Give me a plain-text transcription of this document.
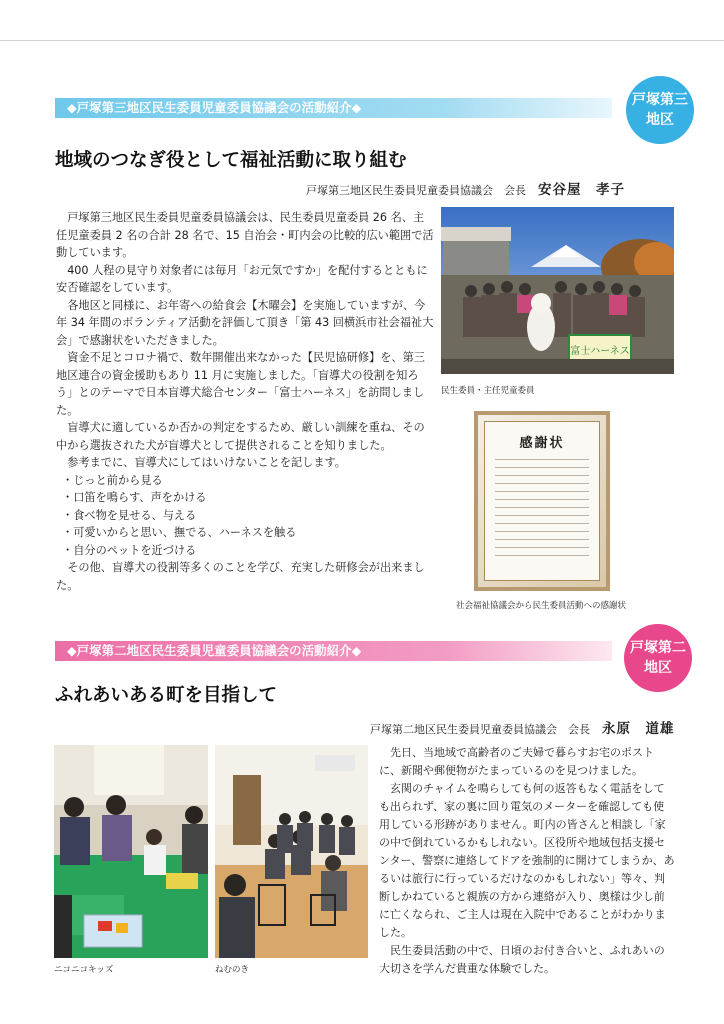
◆戸塚第三地区民生委員児童委員協議会の活動紹介◆	戸塚第三
地区
地域のつなぎ役として福祉活動に取り組む
戸塚第三地区民生委員児童委員協議会　会長 安谷屋　孝子

戸塚第三地区民生委員児童委員協議会は、民生委員児童委員 26 名、主任児童委員 2 名の合計 28 名で、15 自治会・町内会の比較的広い範囲で活動しています。

400 人程の見守り対象者には毎月「お元気ですか」を配付するとともに安否確認をしています。

各地区と同様に、お年寄への給食会【木曜会】を実施していますが、今年 34 年間のボランティア活動を評価して頂き「第 43 回横浜市社会福祉大会」で感謝状をいただきました。

資金不足とコロナ禍で、数年開催出来なかった【民児協研修】を、第三地区連合の資金援助もあり 11 月に実施しました。「盲導犬の役割を知ろう」とのテーマで日本盲導犬総合センター「富士ハーネス」を訪問しました。

盲導犬に適しているか否かの判定をするため、厳しい訓練を重ね、その中から選抜された犬が盲導犬として提供されることを知りました。

参考までに、盲導犬にしてはいけないことを記します。

・じっと前から見る

・口笛を鳴らす、声をかける

・食べ物を見せる、与える

・可愛いからと思い、撫でる、ハーネスを触る

・自分のペットを近づける

その他、盲導犬の役割等多くのことを学び、充実した研修会が出来ました。

富士ハーネス
民生委員・主任児童委員
感謝状
社会福祉協議会から民生委員活動への感謝状
◆戸塚第二地区民生委員児童委員協議会の活動紹介◆	戸塚第二
地区
ふれあいある町を目指して
戸塚第二地区民生委員児童委員協議会　会長 永原　道雄
ニコニコキッズ	ねむのき

先日、当地域で高齢者のご夫婦で暮らすお宅のポストに、新聞や郵便物がたまっているのを見つけました。

玄関のチャイムを鳴らしても何の返答もなく電話をしても出られず、家の裏に回り電気のメーターを確認しても使用している形跡がありません。町内の皆さんと相談し「家の中で倒れているかもしれない。区役所や地域包括支援センター、警察に連絡してドアを強制的に開けてしまうか、あるいは旅行に行っているだけなのかもしれない」等々、判断しかねていると親族の方から連絡が入り、奥様は少し前に亡くなられ、ご主人は現在入院中であることがわかりました。

民生委員活動の中で、日頃のお付き合いと、ふれあいの大切さを学んだ貴重な体験でした。
